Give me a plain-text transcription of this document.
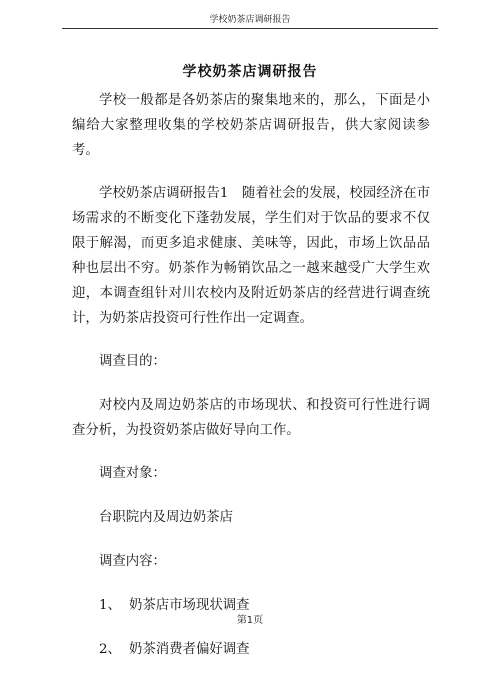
学校奶茶店调研报告
学校奶茶店调研报告

学校一般都是各奶茶店的聚集地来的，那么，下面是小编给大家整理收集的学校奶茶店调研报告，供大家阅读参考。

学校奶茶店调研报告1　随着社会的发展，校园经济在市场需求的不断变化下蓬勃发展，学生们对于饮品的要求不仅限于解渴，而更多追求健康、美味等，因此，市场上饮品品种也层出不穷。奶茶作为畅销饮品之一越来越受广大学生欢迎，本调查组针对川农校内及附近奶茶店的经营进行调查统计，为奶茶店投资可行性作出一定调查。

调查目的：

对校内及周边奶茶店的市场现状、和投资可行性进行调查分析，为投资奶茶店做好导向工作。

调查对象：

台职院内及周边奶茶店

调查内容：

1、 奶茶店市场现状调查
2、 奶茶消费者偏好调查
第1页
